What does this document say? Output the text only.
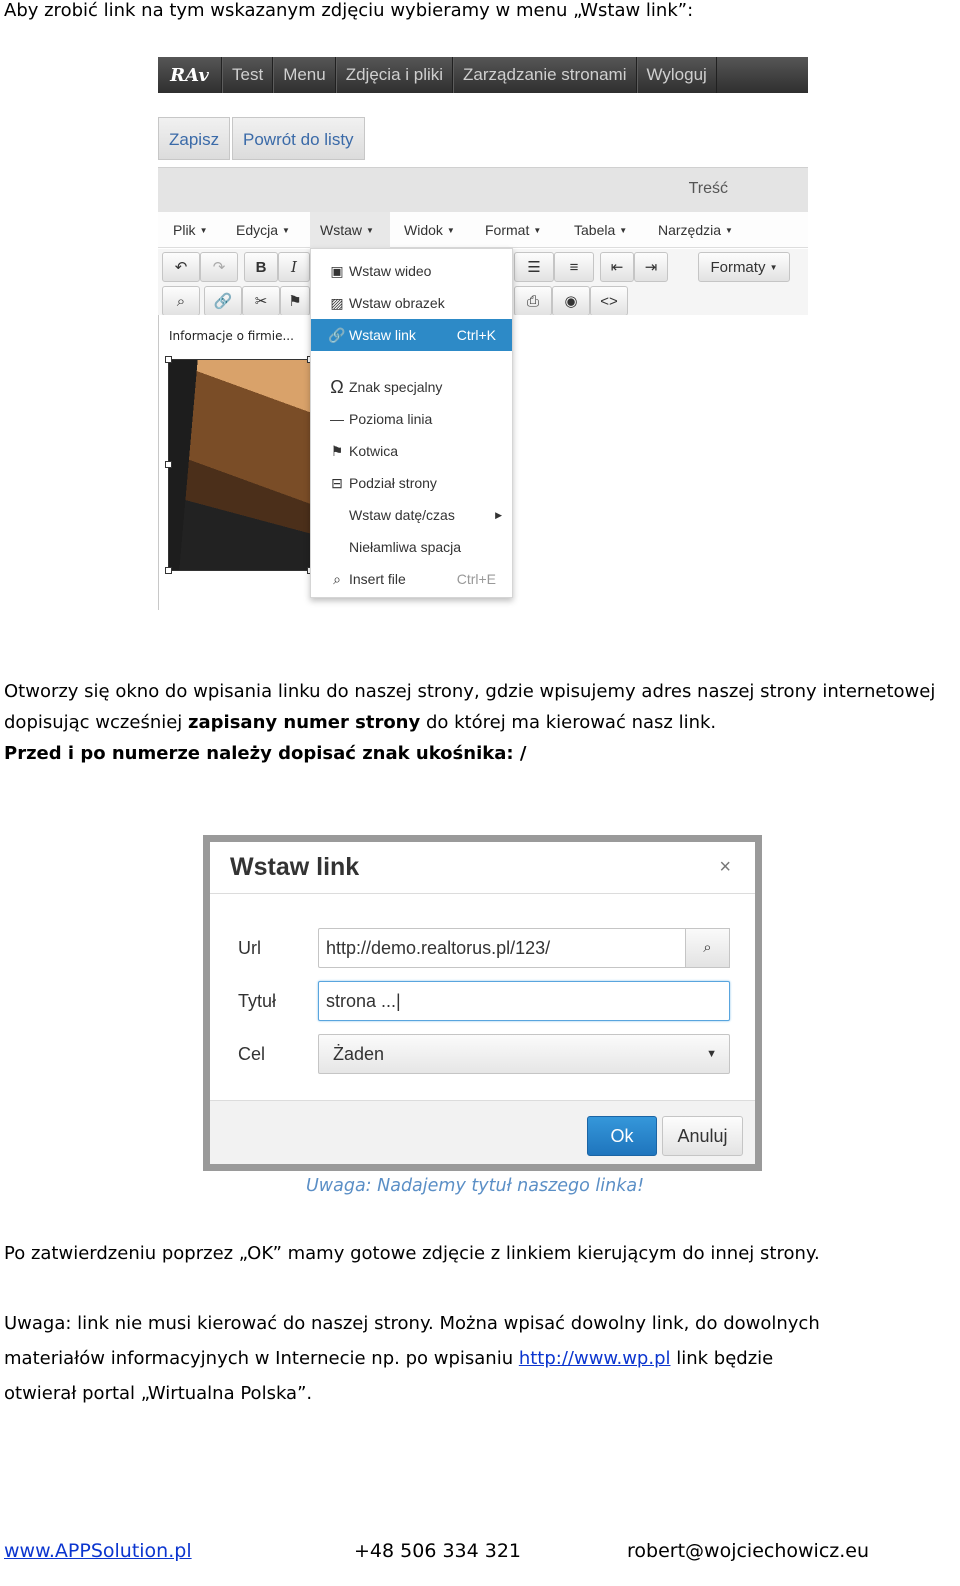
Aby zrobić link na tym wskazanym zdjęciu wybieramy w menu „Wstaw link”:
RAv	Test	Menu	Zdjęcia i pliki	Zarządzanie stronami	Wyloguj
Zapisz	Powrót do listy
Treść
Plik ▼	Edycja ▼	Wstaw ▼	Widok ▼	Format ▼	Tabela ▼	Narzędzia ▼
↶	↷	B	I	☰	≡	⇤	⇥	Formaty
▼
⌕	🔗	✂	⚑	⎙	◉	<>
Informacje o firmie...
▣ Wstaw wideo
▨ Wstaw obrazek
🔗 Wstaw link	Ctrl+K
Ω Znak specjalny
— Pozioma linia
⚑ Kotwica
⊟ Podział strony
Wstaw datę/czas	▶
Niełamliwa spacja
⌕ Insert file	Ctrl+E
Otworzy się okno do wpisania linku do naszej strony, gdzie wpisujemy adres naszej strony internetowej
dopisując wcześniej zapisany numer strony do której ma kierować nasz link.
Przed i po numerze należy dopisać znak ukośnika: /
Wstaw link	×
Url	http://demo.realtorus.pl/123/	⌕
Tytuł	strona ...|
Cel	Żaden	▼
Ok	Anuluj
Uwaga: Nadajemy tytuł naszego linka!
Po zatwierdzeniu poprzez „OK” mamy gotowe zdjęcie z linkiem kierującym do innej strony.
Uwaga: link nie musi kierować do naszej strony. Można wpisać dowolny link, do dowolnych
materiałów informacyjnych w Internecie np. po wpisaniu http://www.wp.pl link będzie
otwierał portal „Wirtualna Polska”.
www.APPSolution.pl	+48 506 334 321	robert@wojciechowicz.eu
